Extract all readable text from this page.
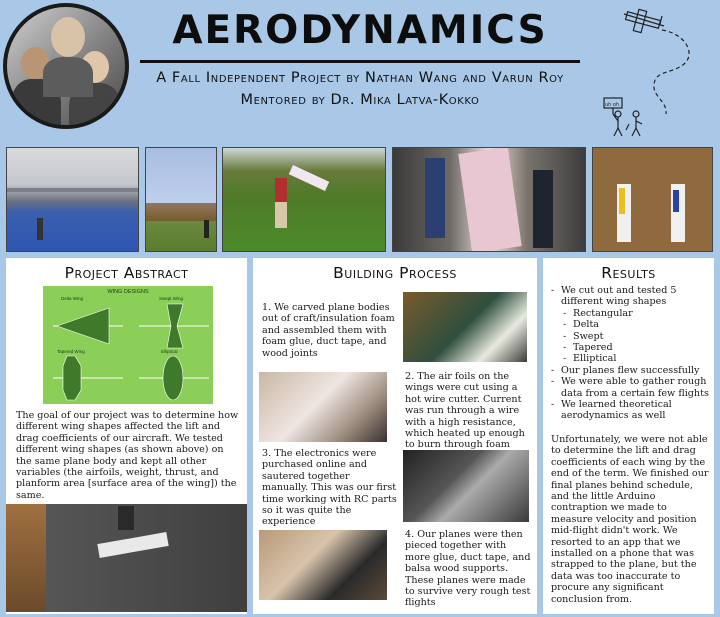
AERODYNAMICS
A Fall Independent Project by Nathan Wang and Varun Roy
Mentored by Dr. Mika Latva-Kokko	uh oh
Project Abstract
WING DESIGNS
Delta Wing	Swept Wing
Tapered Wing	Elliptical
The goal of our project was to determine how different wing shapes affected the lift and drag coefficients of our aircraft. We tested different wing shapes (as shown above) on the same plane body and kept all other variables (the airfoils, weight, thrust, and planform area [surface area of the wing]) the same.
Building Process
1. We carved plane bodies out of craft/insulation foam and assembled them with foam glue, duct tape, and wood joints
2. The air foils on the wings were cut using a hot wire cutter. Current was run through a wire with a high resistance, which heated up enough to burn through foam
3. The electronics were purchased online and sautered together manually. This was our first time working with RC parts so it was quite the experience
4. Our planes were then pieced together with more glue, duct tape, and balsa wood supports. These planes were made to survive very rough test flights
Results
- We cut out and tested 5 different wing shapes
- Rectangular
- Delta
- Swept
- Tapered
- Elliptical
- Our planes flew successfully
- We were able to gather rough data from a certain few flights
- We learned theoretical aerodynamics as well
Unfortunately, we were not able to determine the lift and drag coefficients of each wing by the end of the term. We finished our final planes behind schedule, and the little Arduino contraption we made to measure velocity and position mid-flight didn't work. We resorted to an app that we installed on a phone that was strapped to the plane, but the data was too inaccurate to procure any significant conclusion from.
